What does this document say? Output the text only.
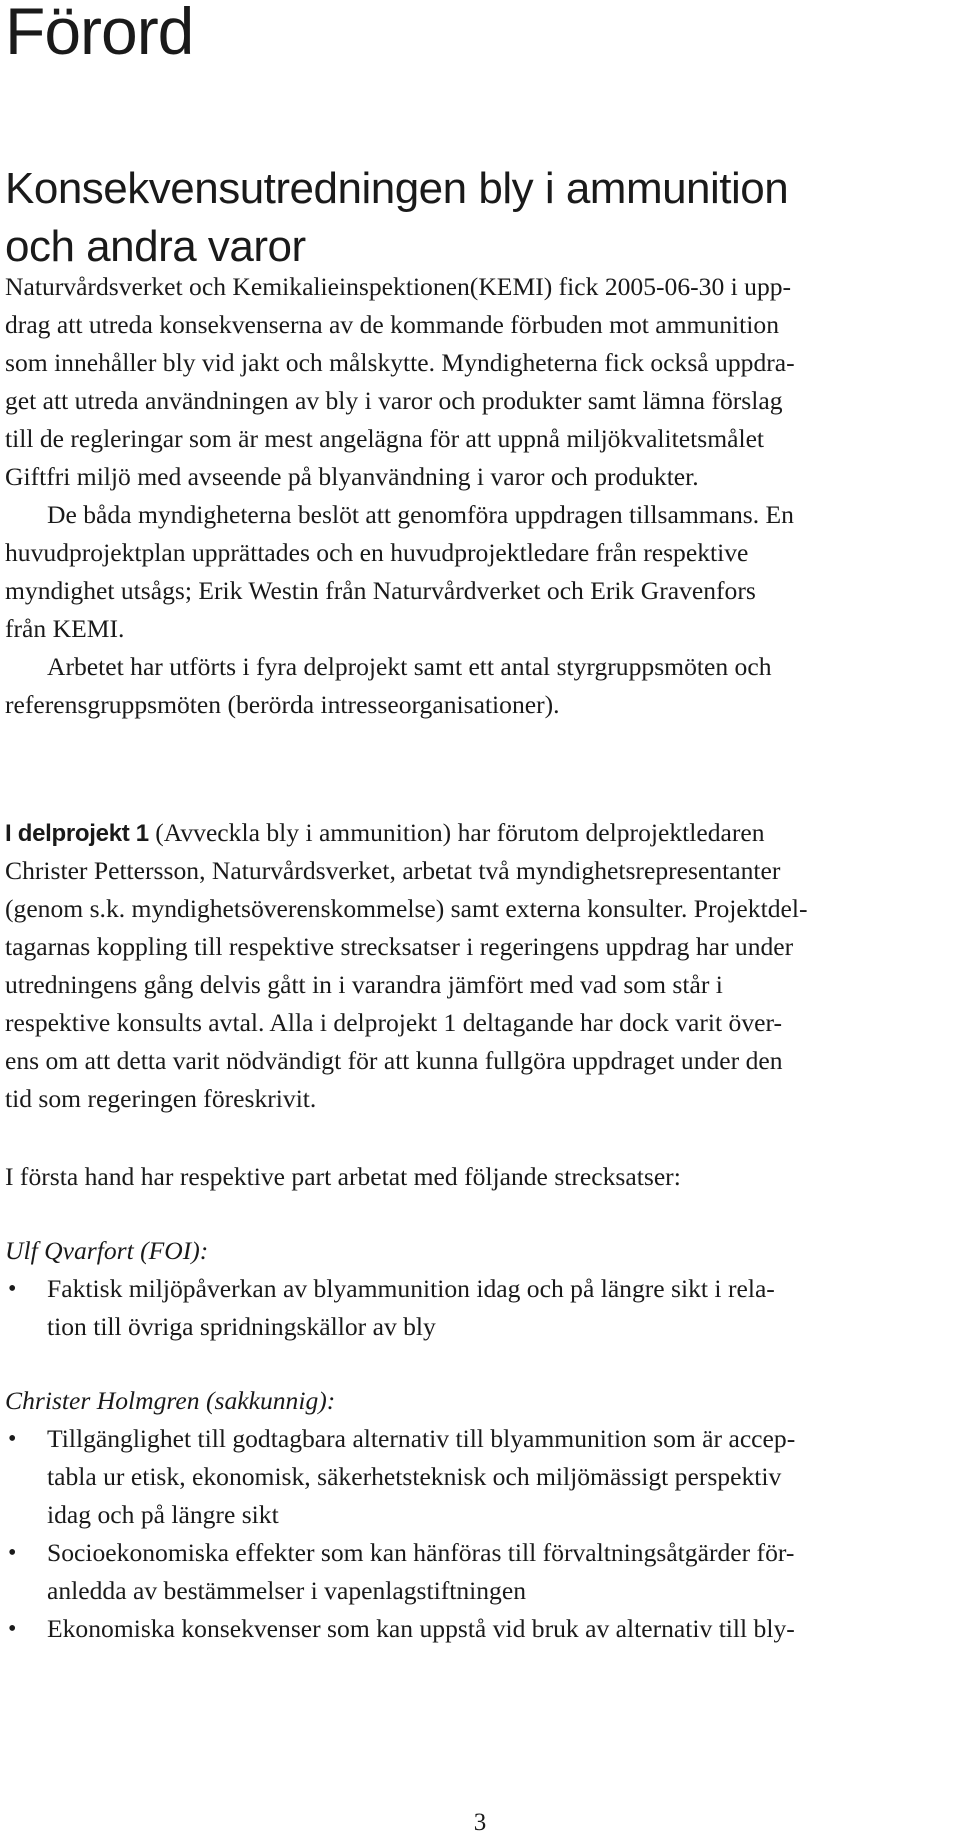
Förord
Konsekvensutredningen bly i ammunition
och andra varor
Naturvårdsverket och Kemikalieinspektionen(KEMI) fick 2005-06-30 i upp-
drag att utreda konsekvenserna av de kommande förbuden mot ammunition
som innehåller bly vid jakt och målskytte. Myndigheterna fick också uppdra-
get att utreda användningen av bly i varor och produkter samt lämna förslag
till de regleringar som är mest angelägna för att uppnå miljökvalitetsmålet
Giftfri miljö med avseende på blyanvändning i varor och produkter.
De båda myndigheterna beslöt att genomföra uppdragen tillsammans. En
huvudprojektplan upprättades och en huvudprojektledare från respektive
myndighet utsågs; Erik Westin från Naturvårdverket och Erik Gravenfors
från KEMI.
Arbetet har utförts i fyra delprojekt samt ett antal styrgruppsmöten och
referensgruppsmöten (berörda intresseorganisationer).
I delprojekt 1 (Avveckla bly i ammunition) har förutom delprojektledaren
Christer Pettersson, Naturvårdsverket, arbetat två myndighetsrepresentanter
(genom s.k. myndighetsöverenskommelse) samt externa konsulter. Projektdel-
tagarnas koppling till respektive strecksatser i regeringens uppdrag har under
utredningens gång delvis gått in i varandra jämfört med vad som står i
respektive konsults avtal. Alla i delprojekt 1 deltagande har dock varit över-
ens om att detta varit nödvändigt för att kunna fullgöra uppdraget under den
tid som regeringen föreskrivit.
I första hand har respektive part arbetat med följande strecksatser:
Ulf Qvarfort (FOI):
• Faktisk miljöpåverkan av blyammunition idag och på längre sikt i rela-
tion till övriga spridningskällor av bly
Christer Holmgren (sakkunnig):
• Tillgänglighet till godtagbara alternativ till blyammunition som är accep-
tabla ur etisk, ekonomisk, säkerhetsteknisk och miljömässigt perspektiv
idag och på längre sikt
• Socioekonomiska effekter som kan hänföras till förvaltningsåtgärder för-
anledda av bestämmelser i vapenlagstiftningen
• Ekonomiska konsekvenser som kan uppstå vid bruk av alternativ till bly-
3
